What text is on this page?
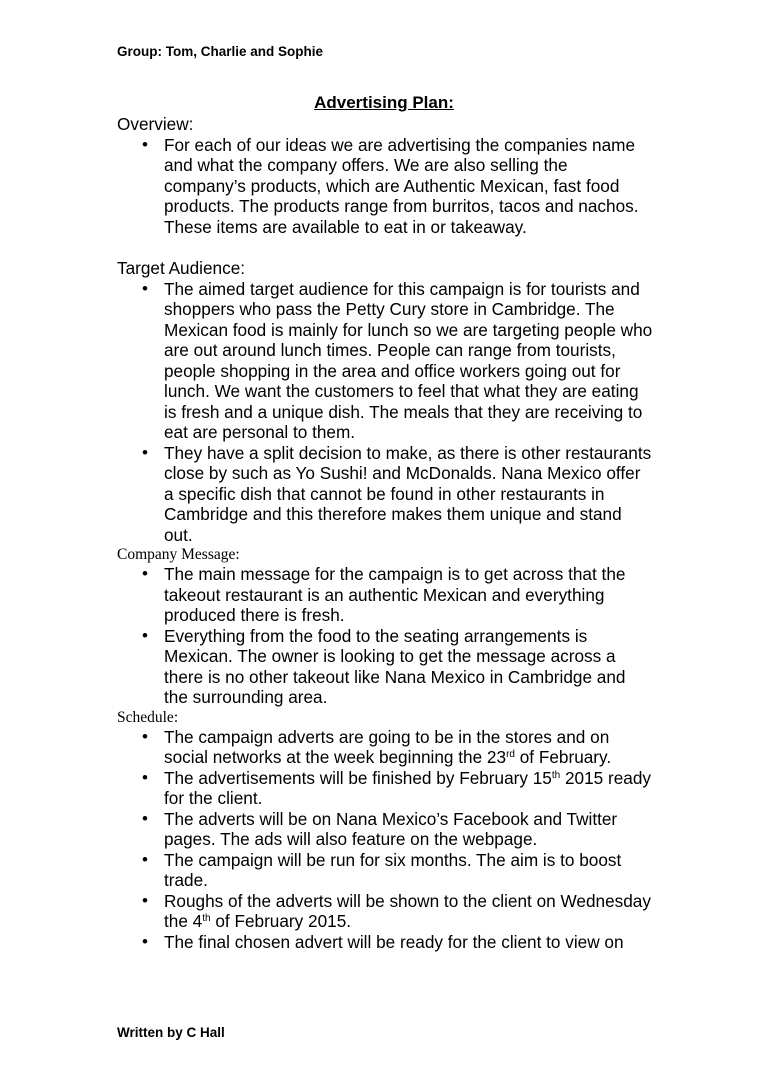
Group: Tom, Charlie and Sophie
Advertising Plan:
Overview:
• For each of our ideas we are advertising the companies name and what the company offers. We are also selling the company’s products, which are Authentic Mexican, fast food products. The products range from burritos, tacos and nachos. These items are available to eat in or takeaway.
Target Audience:
• The aimed target audience for this campaign is for tourists and shoppers who pass the Petty Cury store in Cambridge. The Mexican food is mainly for lunch so we are targeting people who are out around lunch times. People can range from tourists, people shopping in the area and office workers going out for lunch. We want the customers to feel that what they are eating is fresh and a unique dish. The meals that they are receiving to eat are personal to them.
• They have a split decision to make, as there is other restaurants close by such as Yo Sushi! and McDonalds. Nana Mexico offer a specific dish that cannot be found in other restaurants in Cambridge and this therefore makes them unique and stand out.
Company Message:
• The main message for the campaign is to get across that the takeout restaurant is an authentic Mexican and everything produced there is fresh.
• Everything from the food to the seating arrangements is Mexican. The owner is looking to get the message across a there is no other takeout like Nana Mexico in Cambridge and the surrounding area.
Schedule:
• The campaign adverts are going to be in the stores and on social networks at the week beginning the 23rd of February.
• The advertisements will be finished by February 15th 2015 ready for the client.
• The adverts will be on Nana Mexico’s Facebook and Twitter pages. The ads will also feature on the webpage.
• The campaign will be run for six months. The aim is to boost trade.
• Roughs of the adverts will be shown to the client on Wednesday the 4th of February 2015.
• The final chosen advert will be ready for the client to view on
Written by C Hall
